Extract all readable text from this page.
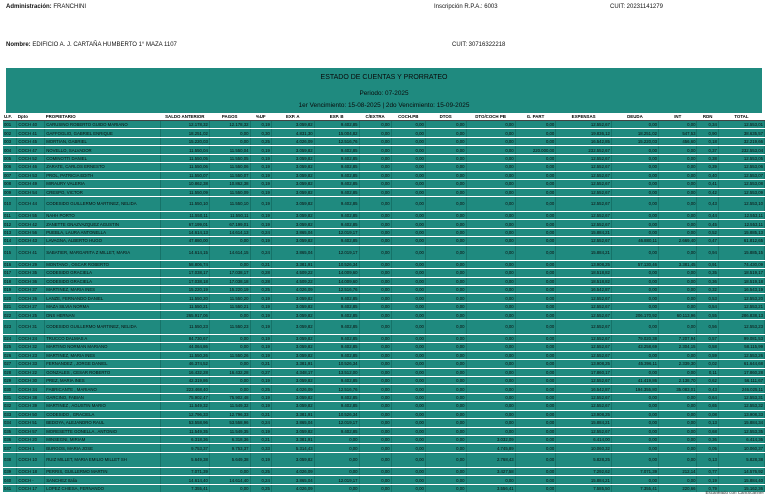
Administración: FRANCHINI	Inscripción R.P.A.: 6003	CUIT: 20231141279
Nombre: EDIFICIO A. J. CARTAÑA HUMBERTO 1° MAZA 1107	CUIT: 30716322218
ESTADO DE CUENTAS Y PRORRATEO
Periodo: 07-2025
1er Vencimiento: 15-08-2025 | 2do Vencimiento: 15-09-2025
U.F.	Dpto	PROPIETARIO	SALDO ANTERIOR	PAGOS	%UF	EXP. A	EXP. B	C/EXTRA	COCH.PB	DTOS	DTO/COCH PB	G. PART	EXPENSAS	DEUDA	INT	RDN	TOTAL
001	COCH 40	CARUSINO ROBERTO GUIDO MARIANO	12.178,32	12.178,32	0,19	3.059,82	9.402,85	0,00	0,00	0,00	0,00	0,00	12.552,67	0,00	0,00	0,34	12.553,01
002	COCH 41	GAFFOGLIO, GABRIEL ENRIQUE	18.251,02	0,00	0,30	4.831,30	15.004,82	0,00	0,00	0,00	0,00	0,00	19.836,12	18.251,02	547,53	0,90	38.635,57
003	COCH 45	MORTIAN, GABRIEL	15.220,03	0,00	0,25	4.026,09	12.516,76	0,00	0,00	0,00	0,00	0,00	16.542,85	15.220,03	456,60	0,18	32.219,66
004	COCH 47	NOVELLO, SALVADOR	11.550,04	11.550,04	0,19	3.059,82	9.402,85	0,00	0,00	0,00	0,00	220.000,00	232.552,67	0,00	0,00	0,37	232.553,04
005	COCH 52	COMINOTTI DANIEL	11.550,05	11.550,05	0,19	3.059,82	9.402,85	0,00	0,00	0,00	0,00	0,00	12.552,67	0,00	0,00	0,38	12.553,05
006	COCH 46	ZARATE, CARLOS ERNESTO	11.550,06	11.550,06	0,19	3.059,82	9.402,85	0,00	0,00	0,00	0,00	0,00	12.552,67	0,00	0,00	0,39	12.553,06
007	COCH 53	PROL, PATRICIA EDITH	11.550,07	11.550,07	0,19	3.059,82	9.402,85	0,00	0,00	0,00	0,00	0,00	12.552,67	0,00	0,00	0,40	12.553,07
008	COCH 49	MIRAURY VALERIA	10.862,38	10.862,38	0,19	3.059,82	9.402,85	0,00	0,00	0,00	0,00	0,00	12.552,67	0,00	0,00	0,41	12.553,08
009	COCH 54	CRESPO, VICTOR	11.550,09	11.550,09	0,19	3.059,82	9.402,85	0,00	0,00	0,00	0,00	0,00	12.552,67	0,00	0,00	0,42	12.553,09
010	COCH 44	CODESIDO GUILLERMO MARTINEZ, NELIDA	11.550,10	11.550,10	0,19	3.059,82	9.402,85	0,00	0,00	0,00	0,00	0,00	12.552,67	0,00	0,00	0,43	12.553,10
011	COCH 55	NAHH PORTO	11.550,11	11.550,11	0,19	3.059,82	9.402,85	0,00	0,00	0,00	0,00	0,00	12.552,67	0,00	0,00	0,44	12.553,11
012	COCH 42	ZANETTE GNAZVAZQUEZ AGUSTIN	67.199,01	67.199,01	0,19	3.059,82	9.402,85	0,00	0,00	0,00	0,00	0,00	12.552,67	0,00	0,00	0,45	12.553,11
013	COCH 56	PUEBLA, LAURA ANTONELLA	14.614,13	14.614,13	0,24	3.865,04	12.019,17	0,00	0,00	0,00	0,00	0,00	15.884,21	0,00	0,00	0,52	15.885,13
014	COCH 43	LAVAGNA, ALBERTO HUGO	47.880,00	0,00	0,19	3.059,82	9.402,85	0,00	0,00	0,00	0,00	0,00	12.552,67	46.880,11	2.669,40	0,47	61.812,65
015	COCH 41	SABATIER, MARGARITA Z MILLET, MARIA	14.614,15	14.614,15	0,24	3.865,04	12.019,17	0,00	0,00	0,00	0,00	0,00	15.884,21	0,00	0,00	0,94	15.885,15
016	COCH 29	MONTANO , OSCAR ROBERTO	58.806,74	0,00	0,21	3.381,91	10.526,34	0,00	0,00	0,00	0,00	0,00	13.908,25	57.130,46	3.381,45	0,91	74.430,09
017	COCH 35	CODESIDO GRACIELA	17.038,17	17.038,17	0,28	4.509,22	14.009,60	0,00	0,00	0,00	0,00	0,00	18.518,82	0,00	0,00	0,35	18.519,17
018	COCH 36	CODESIDO GRACIELA	17.038,18	17.038,18	0,28	4.509,22	14.009,60	0,00	0,00	0,00	0,00	0,00	18.518,82	0,00	0,00	0,36	18.519,18
019	COCH 37	MARTINEZ, MARIA INES	15.220,19	15.220,19	0,25	4.026,09	12.516,76	0,00	0,00	0,00	0,00	0,00	16.542,87	0,00	0,00	0,32	16.543,19
020	COCH 26	LANZE, FERNANDO DANIEL	11.550,20	11.550,20	0,19	3.059,82	9.402,85	0,00	0,00	0,00	0,00	0,00	12.552,67	0,00	0,00	0,53	12.553,20
021	COCH 27	MAZA SILVIA NORMA	11.550,21	11.550,21	0,19	3.059,82	9.402,85	0,00	0,00	0,00	0,00	0,00	12.552,67	0,00	0,00	0,54	12.553,21
022	COCH 25	DNS HERNAN	265.917,06	0,00	0,19	3.059,82	9.402,85	0,00	0,00	0,00	0,00	0,00	12.552,67	206.170,92	60.113,96	0,55	286.838,13
023	COCH 31	CODESIDO GUILLERMO MARTINEZ, NELIDA	11.550,23	11.550,23	0,19	3.059,82	9.402,85	0,00	0,00	0,00	0,00	0,00	12.552,67	0,00	0,00	0,56	12.553,23
024	COCH 24	TRUCCO DALMAS A	84.730,67	0,00	0,19	3.059,82	9.402,85	0,00	0,00	0,00	0,00	0,00	12.552,67	79.020,38	7.207,94	0,57	99.081,53
025	COCH 32	MARTINO NORMAN MARIANO	44.064,86	0,00	0,19	3.059,82	9.402,85	0,00	0,00	0,00	0,00	0,00	12.552,67	43.258,69	2.304,15	0,58	58.115,99
026	COCH 23	MARTINEZ, MARIA INES	11.550,26	11.550,26	0,19	3.059,82	9.402,85	0,00	0,00	0,00	0,00	0,00	12.552,67	0,00	0,00	0,59	12.553,26
027	COCH 33	FERNANDEZ , JORGE DANIEL	46.374,52	0,00	0,21	3.381,91	10.526,34	0,00	0,00	0,00	0,00	0,00	13.908,25	45.396,11	2.339,30	0,02	61.644,68
028	COCH 22	GONZALES , CESAR ROBERTO	16.432,28	16.432,28	0,27	4.348,17	13.512,00	0,00	0,00	0,00	0,00	0,00	17.860,17	0,00	0,00	0,11	17.860,28
029	COCH 30	PREZ, MARIA INES	42.319,86	0,00	0,19	3.059,82	9.402,85	0,00	0,00	0,00	0,00	0,00	12.552,67	41.419,86	2.138,70	0,62	56.111,67
030	COCH 34	FABRICANTE , MARIANO	223.468,40	0,00	0,25	4.026,09	12.516,76	0,00	0,00	0,00	0,00	0,00	16.542,87	194.355,80	35.083,01	0,43	246.025,11
031	COCH 38	GARCINO, FABIAN	75.902,47	75.902,48	0,19	3.059,82	9.402,85	0,00	0,00	0,00	0,00	0,00	12.552,67	0,00	0,00	0,64	12.553,31
032	COCH 39	MARTINEZ , AGUSTIN MARIO	11.549,32	11.549,32	0,19	3.059,82	9.402,85	0,00	0,00	0,00	0,00	0,00	12.552,67	0,00	0,00	0,65	12.553,32
033	COCH 50	CODESIDO , GRACIELA	12.796,33	12.796,33	0,21	3.381,91	10.526,34	0,00	0,00	0,00	0,00	0,00	13.908,25	0,00	0,00	0,08	13.908,33
034	COCH 51	BEDOYA, ALEJANDRO RAUL	53.558,96	53.558,96	0,24	3.865,04	12.019,17	0,00	0,00	0,00	0,00	0,00	15.884,21	0,00	0,00	0,13	15.884,34
035	COCH 57	MORESETTE GONELLA , ANTONIO	11.549,35	11.549,35	0,19	3.059,82	9.402,85	0,00	0,00	0,00	0,00	0,00	12.552,67	0,00	0,00	0,68	12.553,35
036	COCH 20	MINSEGNI, MIRIAM	6.318,36	6.318,36	0,21	3.381,91	0,00	0,00	0,00	0,00	3.032,09	0,00	6.414,00	0,00	0,00	0,36	6.414,36
037	COCH 1	BURGOS, MARIA JOSE	9.753,37	9.753,37	0,33	5.314,43	0,00	0,00	0,00	0,00	4.745,89	0,00	10.060,32	0,00	0,00	0,05	10.060,37
038	COCH 10	RUIZ MILLET, MARIA EMILIO MILLET SH	5.649,38	5.649,38	0,19	3.059,82	0,00	0,00	0,00	0,00	2.768,43	0,00	5.828,25	0,00	0,00	0,13	5.828,38
039	COCH 18	PERRIS, GUILLERMO MARTIN	7.071,39	0,00	0,25	4.026,09	0,00	0,00	0,00	0,00	3.427,58	0,00	7.292,62	7.071,39	212,14	0,77	14.576,92
040	COCH -	SANCHEZ Italia	14.614,40	14.614,40	0,24	3.865,04	12.019,17	0,00	0,00	0,00	0,00	0,00	15.884,21	0,00	0,00	0,19	15.884,40
041	COCH 17	LOPEZ CHIESA, FERNANDO	7.355,41	0,00	0,25	4.026,09	0,00	0,00	0,00	0,00	3.556,41	0,00	7.585,50	7.355,41	220,66	0,79	15.162,36
Escaneado con CamScanner
